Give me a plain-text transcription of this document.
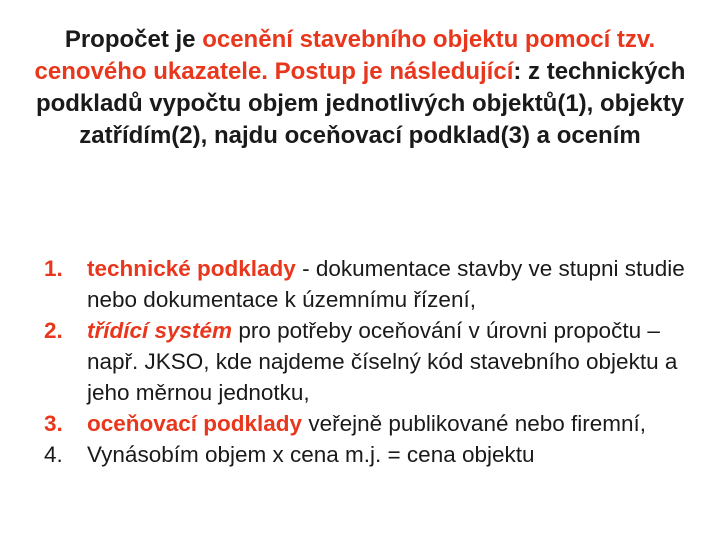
Propočet je ocenění stavebního objektu pomocí tzv. cenového ukazatele. Postup je následující: z technických podkladů vypočtu objem jednotlivých objektů(1), objekty zatřídím(2), najdu oceňovací podklad(3) a ocením
1. technické podklady - dokumentace stavby ve stupni studie nebo dokumentace k územnímu řízení,
2. třídící systém pro potřeby oceňování v úrovni propočtu – např. JKSO, kde najdeme číselný kód stavebního objektu a jeho měrnou jednotku,
3. oceňovací podklady veřejně publikované nebo firemní,
4. Vynásobím objem x cena m.j. = cena objektu
